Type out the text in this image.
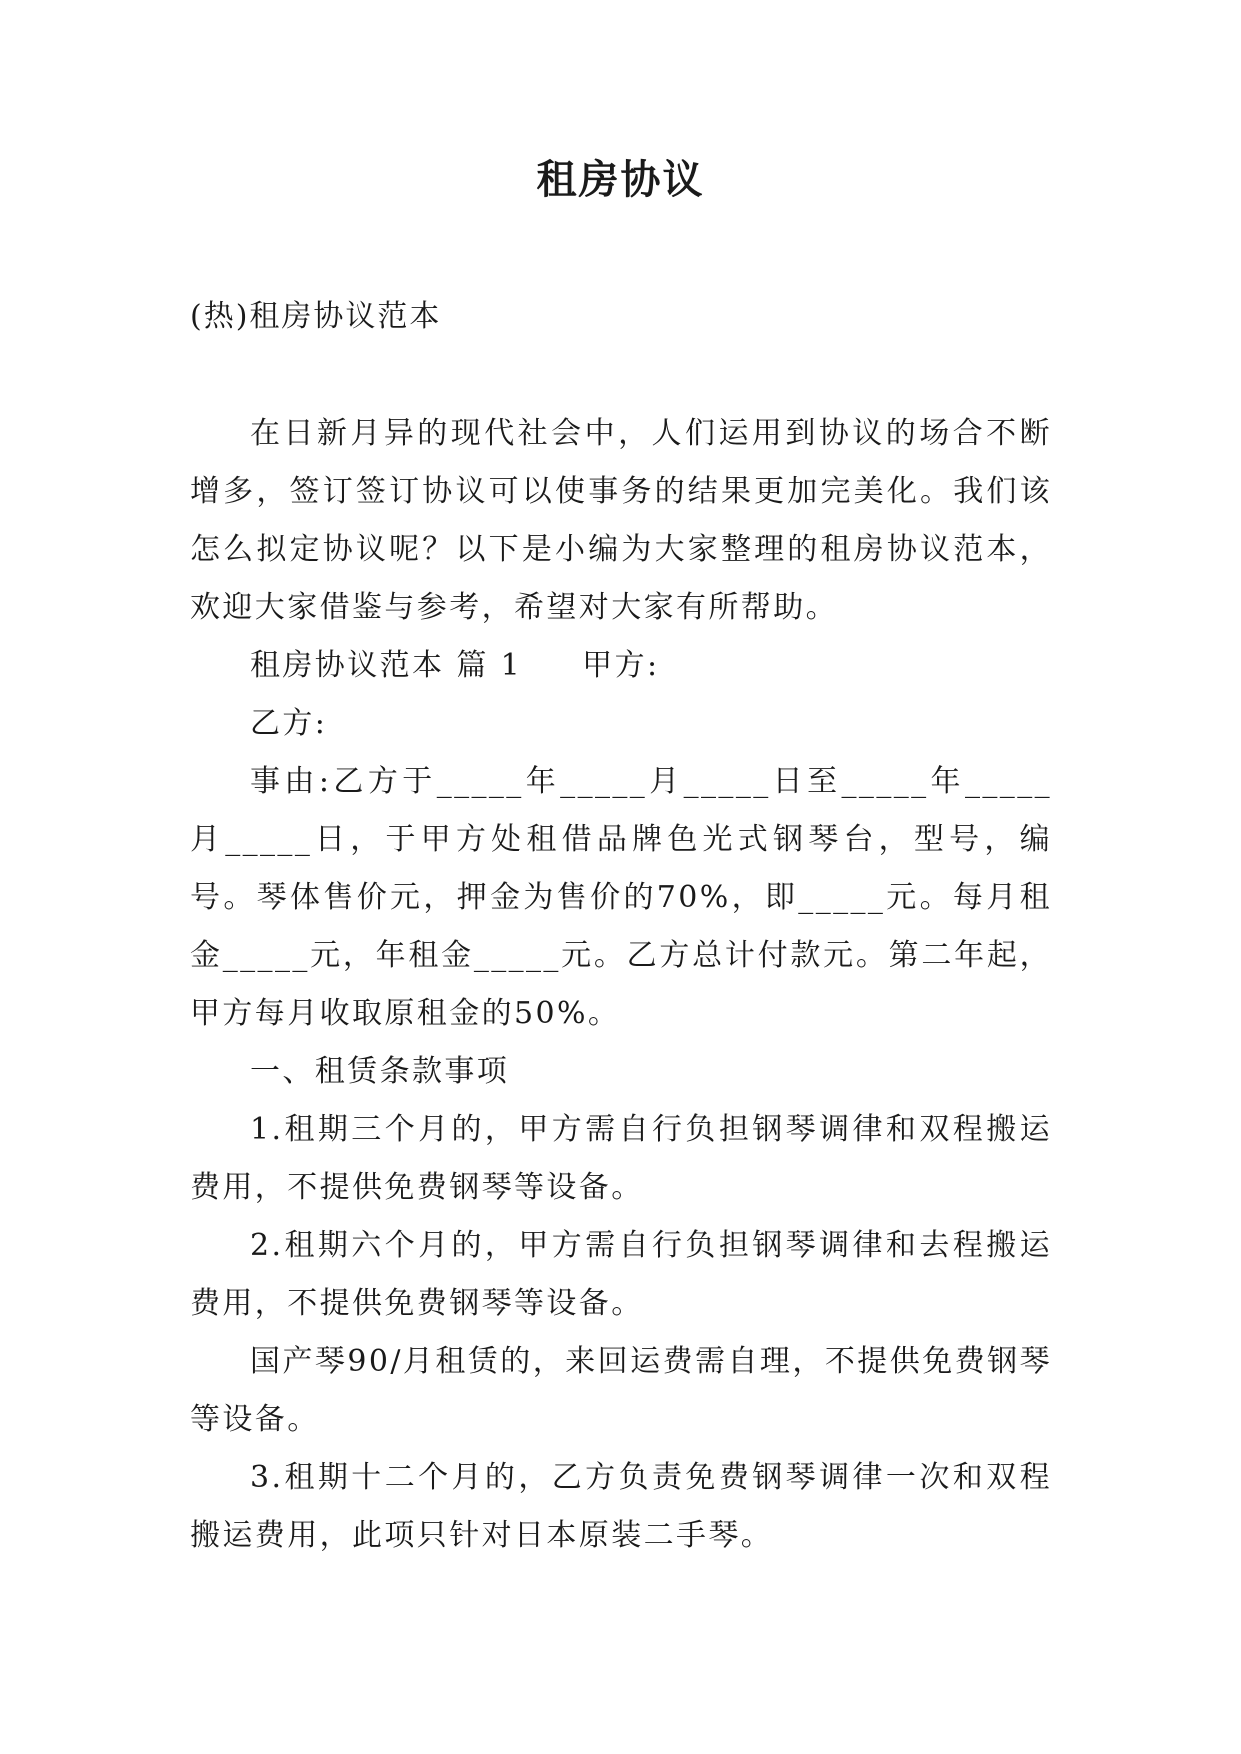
租房协议
(热)租房协议范本

在日新月异的现代社会中，人们运用到协议的场合不断增多，签订签订协议可以使事务的结果更加完美化。我们该怎么拟定协议呢？以下是小编为大家整理的租房协议范本，欢迎大家借鉴与参考，希望对大家有所帮助。

租房协议范本 篇 1 甲方:

乙方:

事由:乙方于_____年_____月_____日至_____年_____月_____日，于甲方处租借品牌色光式钢琴台，型号，编号。琴体售价元，押金为售价的70%，即_____元。每月租金_____元，年租金_____元。乙方总计付款元。第二年起，甲方每月收取原租金的50%。

一、租赁条款事项

1.租期三个月的，甲方需自行负担钢琴调律和双程搬运费用，不提供免费钢琴等设备。

2.租期六个月的，甲方需自行负担钢琴调律和去程搬运费用，不提供免费钢琴等设备。

国产琴90/月租赁的，来回运费需自理，不提供免费钢琴等设备。

3.租期十二个月的，乙方负责免费钢琴调律一次和双程搬运费用，此项只针对日本原装二手琴。
